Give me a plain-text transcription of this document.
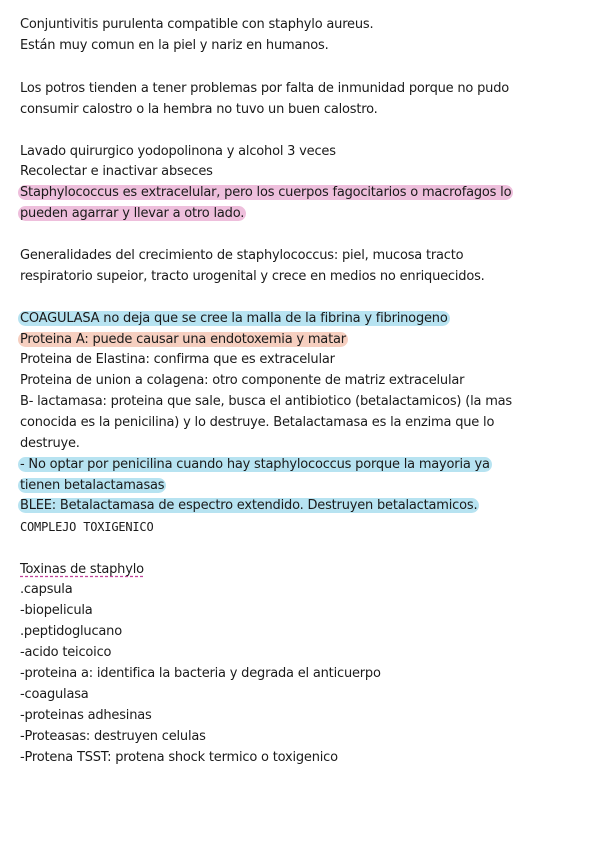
Conjuntivitis purulenta compatible con staphylo aureus.
Están muy comun en la piel y nariz en humanos.
Los potros tienden a tener problemas por falta de inmunidad porque no pudo
consumir calostro o la hembra no tuvo un buen calostro.
Lavado quirurgico yodopolinona y alcohol 3 veces
Recolectar e inactivar abseces
Staphylococcus es extracelular, pero los cuerpos fagocitarios o macrofagos lo
pueden agarrar y llevar a otro lado.
Generalidades del crecimiento de staphylococcus: piel, mucosa tracto
respiratorio supeior, tracto urogenital y crece en medios no enriquecidos.
COAGULASA no deja que se cree la malla de la fibrina y fibrinogeno
Proteina A: puede causar una endotoxemia y matar
Proteina de Elastina: confirma que es extracelular
Proteina de union a colagena: otro componente de matriz extracelular
B- lactamasa: proteina que sale, busca el antibiotico (betalactamicos) (la mas
conocida es la penicilina) y lo destruye. Betalactamasa es la enzima que lo
destruye.
- No optar por penicilina cuando hay staphylococcus porque la mayoria ya
tienen betalactamasas
BLEE: Betalactamasa de espectro extendido. Destruyen betalactamicos.
COMPLEJO TOXIGENICO
Toxinas de staphylo
.capsula
-biopelicula
.peptidoglucano
-acido teicoico
-proteina a: identifica la bacteria y degrada el anticuerpo
-coagulasa
-proteinas adhesinas
-Proteasas: destruyen celulas
-Protena TSST: protena shock termico o toxigenico
